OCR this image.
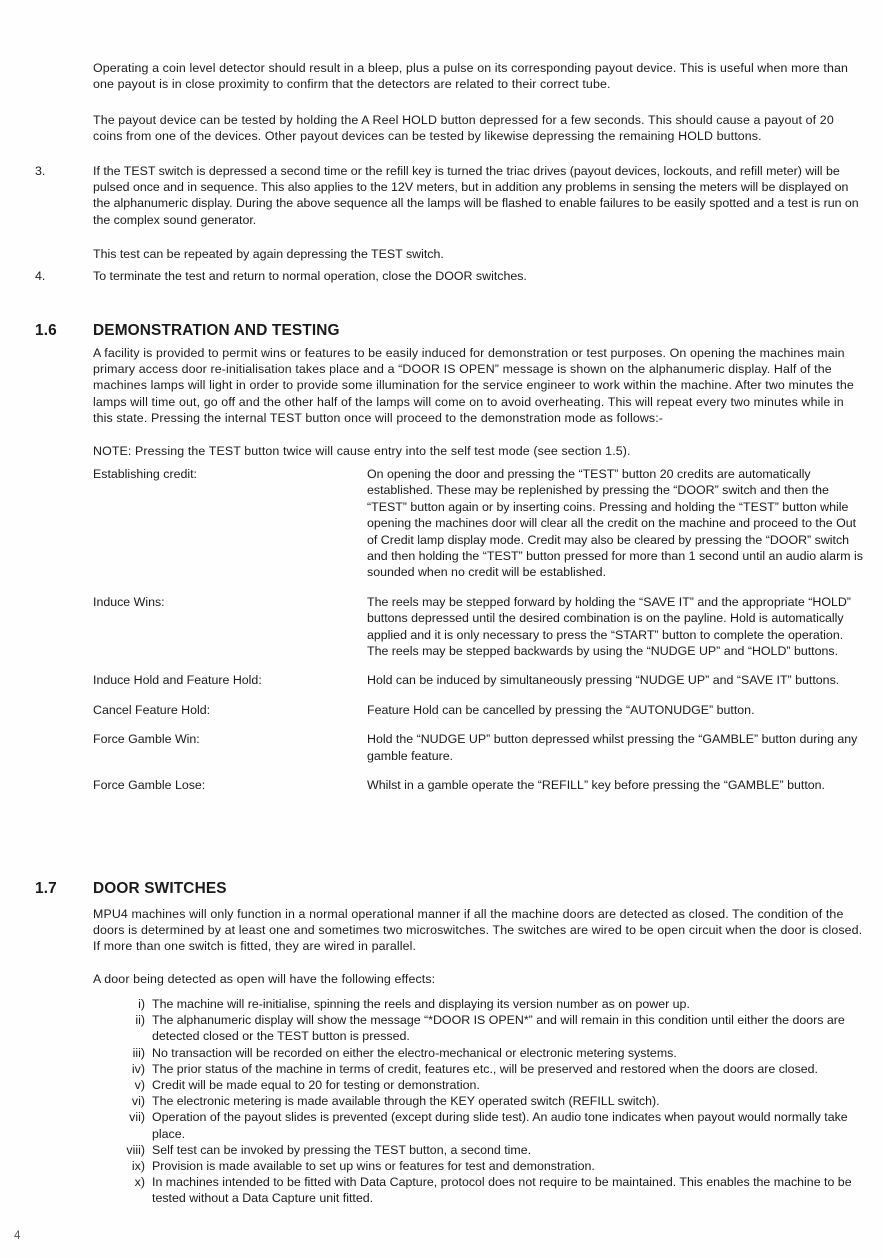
Operating a coin level detector should result in a bleep, plus a pulse on its corresponding payout device. This is useful when more than one payout is in close proximity to confirm that the detectors are related to their correct tube.
The payout device can be tested by holding the A Reel HOLD button depressed for a few seconds. This should cause a payout of 20 coins from one of the devices. Other payout devices can be tested by likewise depressing the remaining HOLD buttons.
3.	If the TEST switch is depressed a second time or the refill key is turned the triac drives (payout devices, lockouts, and refill meter) will be pulsed once and in sequence. This also applies to the 12V meters, but in addition any problems in sensing the meters will be displayed on the alphanumeric display. During the above sequence all the lamps will be flashed to enable failures to be easily spotted and a test is run on the complex sound generator.
This test can be repeated by again depressing the TEST switch.
4.	To terminate the test and return to normal operation, close the DOOR switches.
1.6	DEMONSTRATION AND TESTING
A facility is provided to permit wins or features to be easily induced for demonstration or test purposes. On opening the machines main primary access door re-initialisation takes place and a “DOOR IS OPEN” message is shown on the alphanumeric display. Half of the machines lamps will light in order to provide some illumination for the service engineer to work within the machine. After two minutes the lamps will time out, go off and the other half of the lamps will come on to avoid overheating. This will repeat every two minutes while in this state. Pressing the internal TEST button once will proceed to the demonstration mode as follows:-
NOTE: Pressing the TEST button twice will cause entry into the self test mode (see section 1.5).
Establishing credit:	On opening the door and pressing the “TEST” button 20 credits are automatically established. These may be replenished by pressing the “DOOR” switch and then the “TEST” button again or by inserting coins. Pressing and holding the “TEST” button while opening the machines door will clear all the credit on the machine and proceed to the Out of Credit lamp display mode. Credit may also be cleared by pressing the “DOOR” switch and then holding the “TEST” button pressed for more than 1 second until an audio alarm is sounded when no credit will be established.
Induce Wins:	The reels may be stepped forward by holding the “SAVE IT” and the appropriate “HOLD” buttons depressed until the desired combination is on the payline. Hold is automatically applied and it is only necessary to press the “START” button to complete the operation. The reels may be stepped backwards by using the “NUDGE UP” and “HOLD” buttons.
Induce Hold and Feature Hold:	Hold can be induced by simultaneously pressing “NUDGE UP” and “SAVE IT” buttons.
Cancel Feature Hold:	Feature Hold can be cancelled by pressing the “AUTONUDGE” button.
Force Gamble Win:	Hold the “NUDGE UP” button depressed whilst pressing the “GAMBLE” button during any gamble feature.
Force Gamble Lose:	Whilst in a gamble operate the “REFILL” key before pressing the “GAMBLE” button.
1.7	DOOR SWITCHES
MPU4 machines will only function in a normal operational manner if all the machine doors are detected as closed. The condition of the doors is determined by at least one and sometimes two microswitches. The switches are wired to be open circuit when the door is closed. If more than one switch is fitted, they are wired in parallel.
A door being detected as open will have the following effects:
i) The machine will re-initialise, spinning the reels and displaying its version number as on power up.
ii) The alphanumeric display will show the message “*DOOR IS OPEN*” and will remain in this condition until either the doors are detected closed or the TEST button is pressed.
iii) No transaction will be recorded on either the electro-mechanical or electronic metering systems.
iv) The prior status of the machine in terms of credit, features etc., will be preserved and restored when the doors are closed.
v) Credit will be made equal to 20 for testing or demonstration.
vi) The electronic metering is made available through the KEY operated switch (REFILL switch).
vii) Operation of the payout slides is prevented (except during slide test). An audio tone indicates when payout would normally take place.
viii) Self test can be invoked by pressing the TEST button, a second time.
ix) Provision is made available to set up wins or features for test and demonstration.
x) In machines intended to be fitted with Data Capture, protocol does not require to be maintained. This enables the machine to be tested without a Data Capture unit fitted.
4
